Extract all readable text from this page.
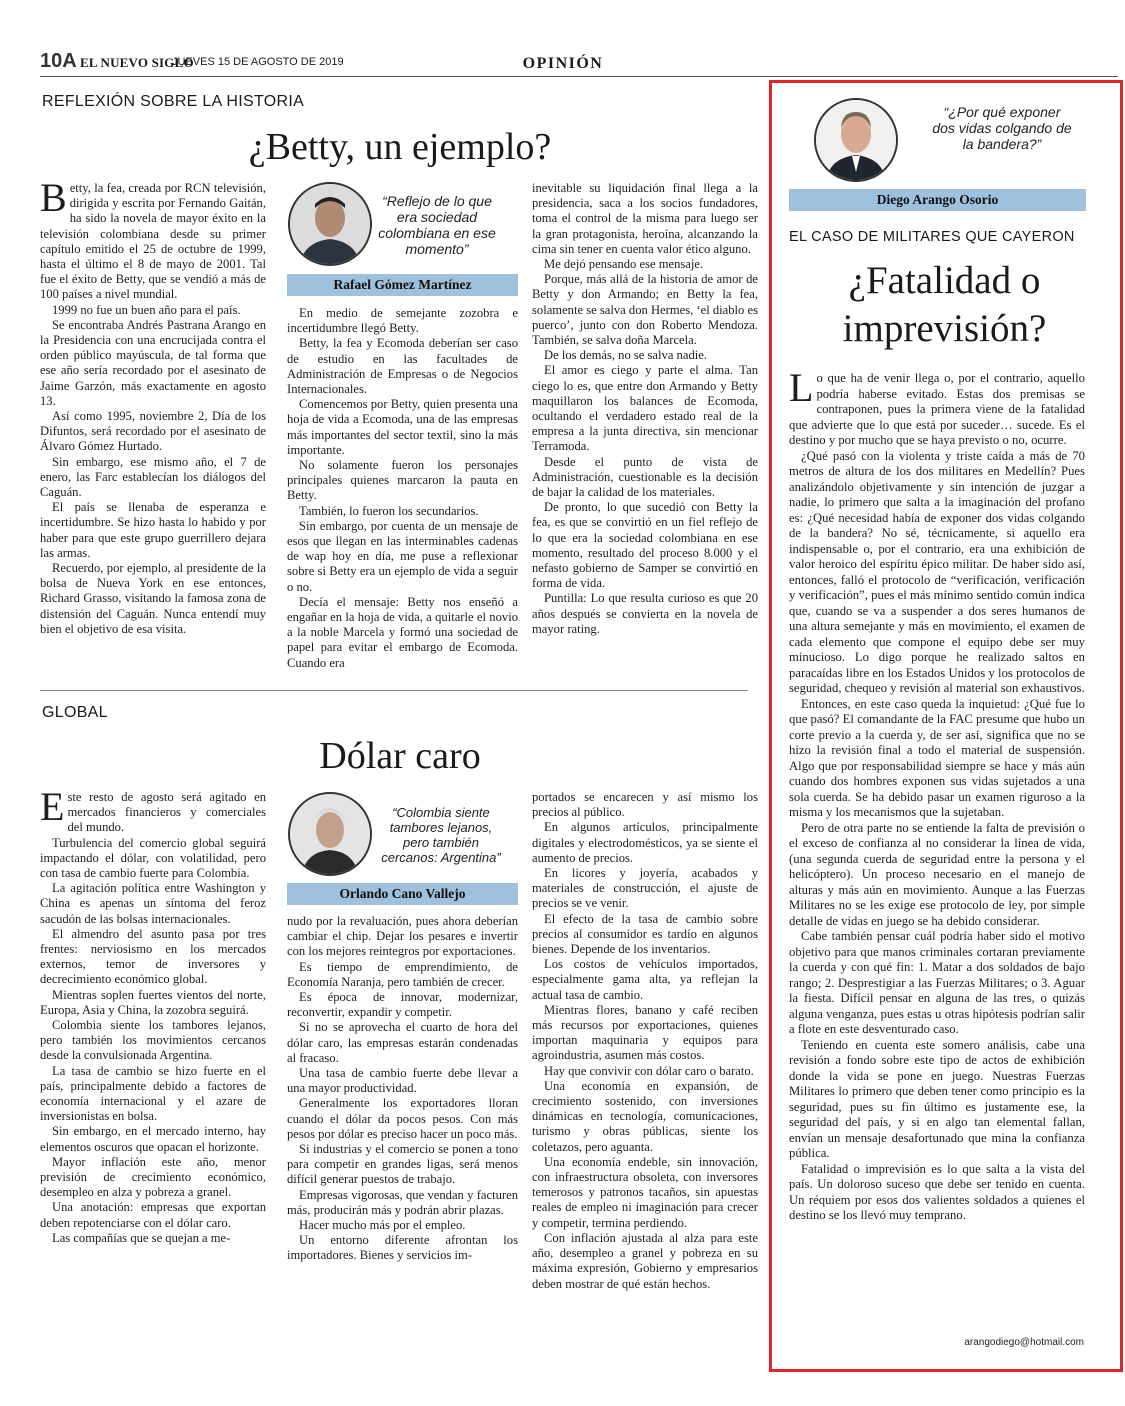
10A EL NUEVO SIGLO
JUEVES 15 DE AGOSTO DE 2019	OPINIÓN
REFLEXIÓN SOBRE LA HISTORIA
¿Betty, un ejemplo?

Betty, la fea, creada por RCN televisión, dirigida y escrita por Fernando Gaitán, ha sido la novela de mayor éxito en la televisión colombiana desde su primer capítulo emitido el 25 de octubre de 1999, hasta el último el 8 de mayo de 2001. Tal fue el éxito de Betty, que se vendió a más de 100 países a nivel mundial.

1999 no fue un buen año para el país.

Se encontraba Andrés Pastrana Arango en la Presidencia con una encrucijada contra el orden público mayúscula, de tal forma que ese año sería recordado por el asesinato de Jaime Garzón, más exactamente en agosto 13.

Así como 1995, noviembre 2, Día de los Difuntos, será recordado por el asesinato de Álvaro Gómez Hurtado.

Sin embargo, ese mismo año, el 7 de enero, las Farc establecían los diálogos del Caguán.

El país se llenaba de esperanza e incertidumbre. Se hizo hasta lo habido y por haber para que este grupo guerrillero dejara las armas.

Recuerdo, por ejemplo, al presidente de la bolsa de Nueva York en ese entonces, Richard Grasso, visitando la famosa zona de distensión del Caguán. Nunca entendí muy bien el objetivo de esa visita.

“Reflejo de lo que era sociedad colombiana en ese momento”
Rafael Gómez Martínez

En medio de semejante zozobra e incertidumbre llegó Betty.

Betty, la fea y Ecomoda deberían ser caso de estudio en las facultades de Administración de Empresas o de Negocios Internacionales.

Comencemos por Betty, quien presenta una hoja de vida a Ecomoda, una de las empresas más importantes del sector textil, sino la más importante.

No solamente fueron los personajes principales quienes marcaron la pauta en Betty.

También, lo fueron los secundarios.

Sin embargo, por cuenta de un mensaje de esos que llegan en las interminables cadenas de wap hoy en día, me puse a reflexionar sobre si Betty era un ejemplo de vida a seguir o no.

Decía el mensaje: Betty nos enseñó a engañar en la hoja de vida, a quitarle el novio a la noble Marcela y formó una sociedad de papel para evitar el embargo de Ecomoda. Cuando era

inevitable su liquidación final llega a la presidencia, saca a los socios fundadores, toma el control de la misma para luego ser la gran protagonista, heroína, alcanzando la cima sin tener en cuenta valor ético alguno.

Me dejó pensando ese mensaje.

Porque, más allá de la historia de amor de Betty y don Armando; en Betty la fea, solamente se salva don Hermes, ‘el diablo es puerco’, junto con don Roberto Mendoza. También, se salva doña Marcela.

De los demás, no se salva nadie.

El amor es ciego y parte el alma. Tan ciego lo es, que entre don Armando y Betty maquillaron los balances de Ecomoda, ocultando el verdadero estado real de la empresa a la junta directiva, sin mencionar Terramoda.

Desde el punto de vista de Administración, cuestionable es la decisión de bajar la calidad de los materiales.

De pronto, lo que sucedió con Betty la fea, es que se convirtió en un fiel reflejo de lo que era la sociedad colombiana en ese momento, resultado del proceso 8.000 y el nefasto gobierno de Samper se convirtió en forma de vida.

Puntilla: Lo que resulta curioso es que 20 años después se convierta en la novela de mayor rating.

GLOBAL
Dólar caro

Este resto de agosto será agitado en mercados financieros y comerciales del mundo.

Turbulencia del comercio global seguirá impactando el dólar, con volatilidad, pero con tasa de cambio fuerte para Colombia.

La agitación política entre Washington y China es apenas un síntoma del feroz sacudón de las bolsas internacionales.

El almendro del asunto pasa por tres frentes: nerviosismo en los mercados externos, temor de inversores y decrecimiento económico global.

Mientras soplen fuertes vientos del norte, Europa, Asia y China, la zozobra seguirá.

Colombia siente los tambores lejanos, pero también los movimientos cercanos desde la convulsionada Argentina.

La tasa de cambio se hizo fuerte en el país, principalmente debido a factores de economía internacional y el azare de inversionistas en bolsa.

Sin embargo, en el mercado interno, hay elementos oscuros que opacan el horizonte.

Mayor inflación este año, menor previsión de crecimiento económico, desempleo en alza y pobreza a granel.

Una anotación: empresas que exportan deben repotenciarse con el dólar caro.

Las compañías que se quejan a me-

“Colombia siente tambores lejanos, pero también cercanos: Argentina”
Orlando Cano Vallejo

nudo por la revaluación, pues ahora deberían cambiar el chip. Dejar los pesares e invertir con los mejores reintegros por exportaciones.

Es tiempo de emprendimiento, de Economía Naranja, pero también de crecer.

Es época de innovar, modernizar, reconvertir, expandir y competir.

Si no se aprovecha el cuarto de hora del dólar caro, las empresas estarán condenadas al fracaso.

Una tasa de cambio fuerte debe llevar a una mayor productividad.

Generalmente los exportadores lloran cuando el dólar da pocos pesos. Con más pesos por dólar es preciso hacer un poco más.

Si industrias y el comercio se ponen a tono para competir en grandes ligas, será menos difícil generar puestos de trabajo.

Empresas vigorosas, que vendan y facturen más, producirán más y podrán abrir plazas.

Hacer mucho más por el empleo.

Un entorno diferente afrontan los importadores. Bienes y servicios im-

portados se encarecen y así mismo los precios al público.

En algunos artículos, principalmente digitales y electrodomésticos, ya se siente el aumento de precios.

En licores y joyería, acabados y materiales de construcción, el ajuste de precios se ve venir.

El efecto de la tasa de cambio sobre precios al consumidor es tardío en algunos bienes. Depende de los inventarios.

Los costos de vehículos importados, especialmente gama alta, ya reflejan la actual tasa de cambio.

Mientras flores, banano y café reciben más recursos por exportaciones, quienes importan maquinaria y equipos para agroindustria, asumen más costos.

Hay que convivir con dólar caro o barato.

Una economía en expansión, de crecimiento sostenido, con inversiones dinámicas en tecnología, comunicaciones, turismo y obras públicas, siente los coletazos, pero aguanta.

Una economía endeble, sin innovación, con infraestructura obsoleta, con inversores temerosos y patronos tacaños, sin apuestas reales de empleo ni imaginación para crecer y competir, termina perdiendo.

Con inflación ajustada al alza para este año, desempleo a granel y pobreza en su máxima expresión, Gobierno y empresarios deben mostrar de qué están hechos.

“¿Por qué exponer dos vidas colgando de la bandera?”
Diego Arango Osorio
EL CASO DE MILITARES QUE CAYERON
¿Fatalidad o
imprevisión?

Lo que ha de venir llega o, por el contrario, aquello podría haberse evitado. Estas dos premisas se contraponen, pues la primera viene de la fatalidad que advierte que lo que está por suceder… sucede. Es el destino y por mucho que se haya previsto o no, ocurre.

¿Qué pasó con la violenta y triste caída a más de 70 metros de altura de los dos militares en Medellín? Pues analizándolo objetivamente y sin intención de juzgar a nadie, lo primero que salta a la imaginación del profano es: ¿Qué necesidad había de exponer dos vidas colgando de la bandera? No sé, técnicamente, si aquello era indispensable o, por el contrario, era una exhibición de valor heroico del espíritu épico militar. De haber sido así, entonces, falló el protocolo de “verificación, verificación y verificación”, pues el más mínimo sentido común indica que, cuando se va a suspender a dos seres humanos de una altura semejante y más en movimiento, el examen de cada elemento que compone el equipo debe ser muy minucioso. Lo digo porque he realizado saltos en paracaídas libre en los Estados Unidos y los protocolos de seguridad, chequeo y revisión al material son exhaustivos.

Entonces, en este caso queda la inquietud: ¿Qué fue lo que pasó? El comandante de la FAC presume que hubo un corte previo a la cuerda y, de ser así, significa que no se hizo la revisión final a todo el material de suspensión. Algo que por responsabilidad siempre se hace y más aún cuando dos hombres exponen sus vidas sujetados a una sola cuerda. Se ha debido pasar un examen riguroso a la misma y los mecanismos que la sujetaban.

Pero de otra parte no se entiende la falta de previsión o el exceso de confianza al no considerar la línea de vida, (una segunda cuerda de seguridad entre la persona y el helicóptero). Un proceso necesario en el manejo de alturas y más aún en movimiento. Aunque a las Fuerzas Militares no se les exige ese protocolo de ley, por simple detalle de vidas en juego se ha debido considerar.

Cabe también pensar cuál podría haber sido el motivo objetivo para que manos criminales cortaran previamente la cuerda y con qué fin: 1. Matar a dos soldados de bajo rango; 2. Desprestigiar a las Fuerzas Militares; o 3. Aguar la fiesta. Difícil pensar en alguna de las tres, o quizás alguna venganza, pues estas u otras hipótesis podrían salir a flote en este desventurado caso.

Teniendo en cuenta este somero análisis, cabe una revisión a fondo sobre este tipo de actos de exhibición donde la vida se pone en juego. Nuestras Fuerzas Militares lo primero que deben tener como principio es la seguridad, pues su fin último es justamente ese, la seguridad del país, y si en algo tan elemental fallan, envían un mensaje desafortunado que mina la confianza pública.

Fatalidad o imprevisión es lo que salta a la vista del país. Un doloroso suceso que debe ser tenido en cuenta. Un réquiem por esos dos valientes soldados a quienes el destino se los llevó muy temprano.

arangodiego@hotmail.com
